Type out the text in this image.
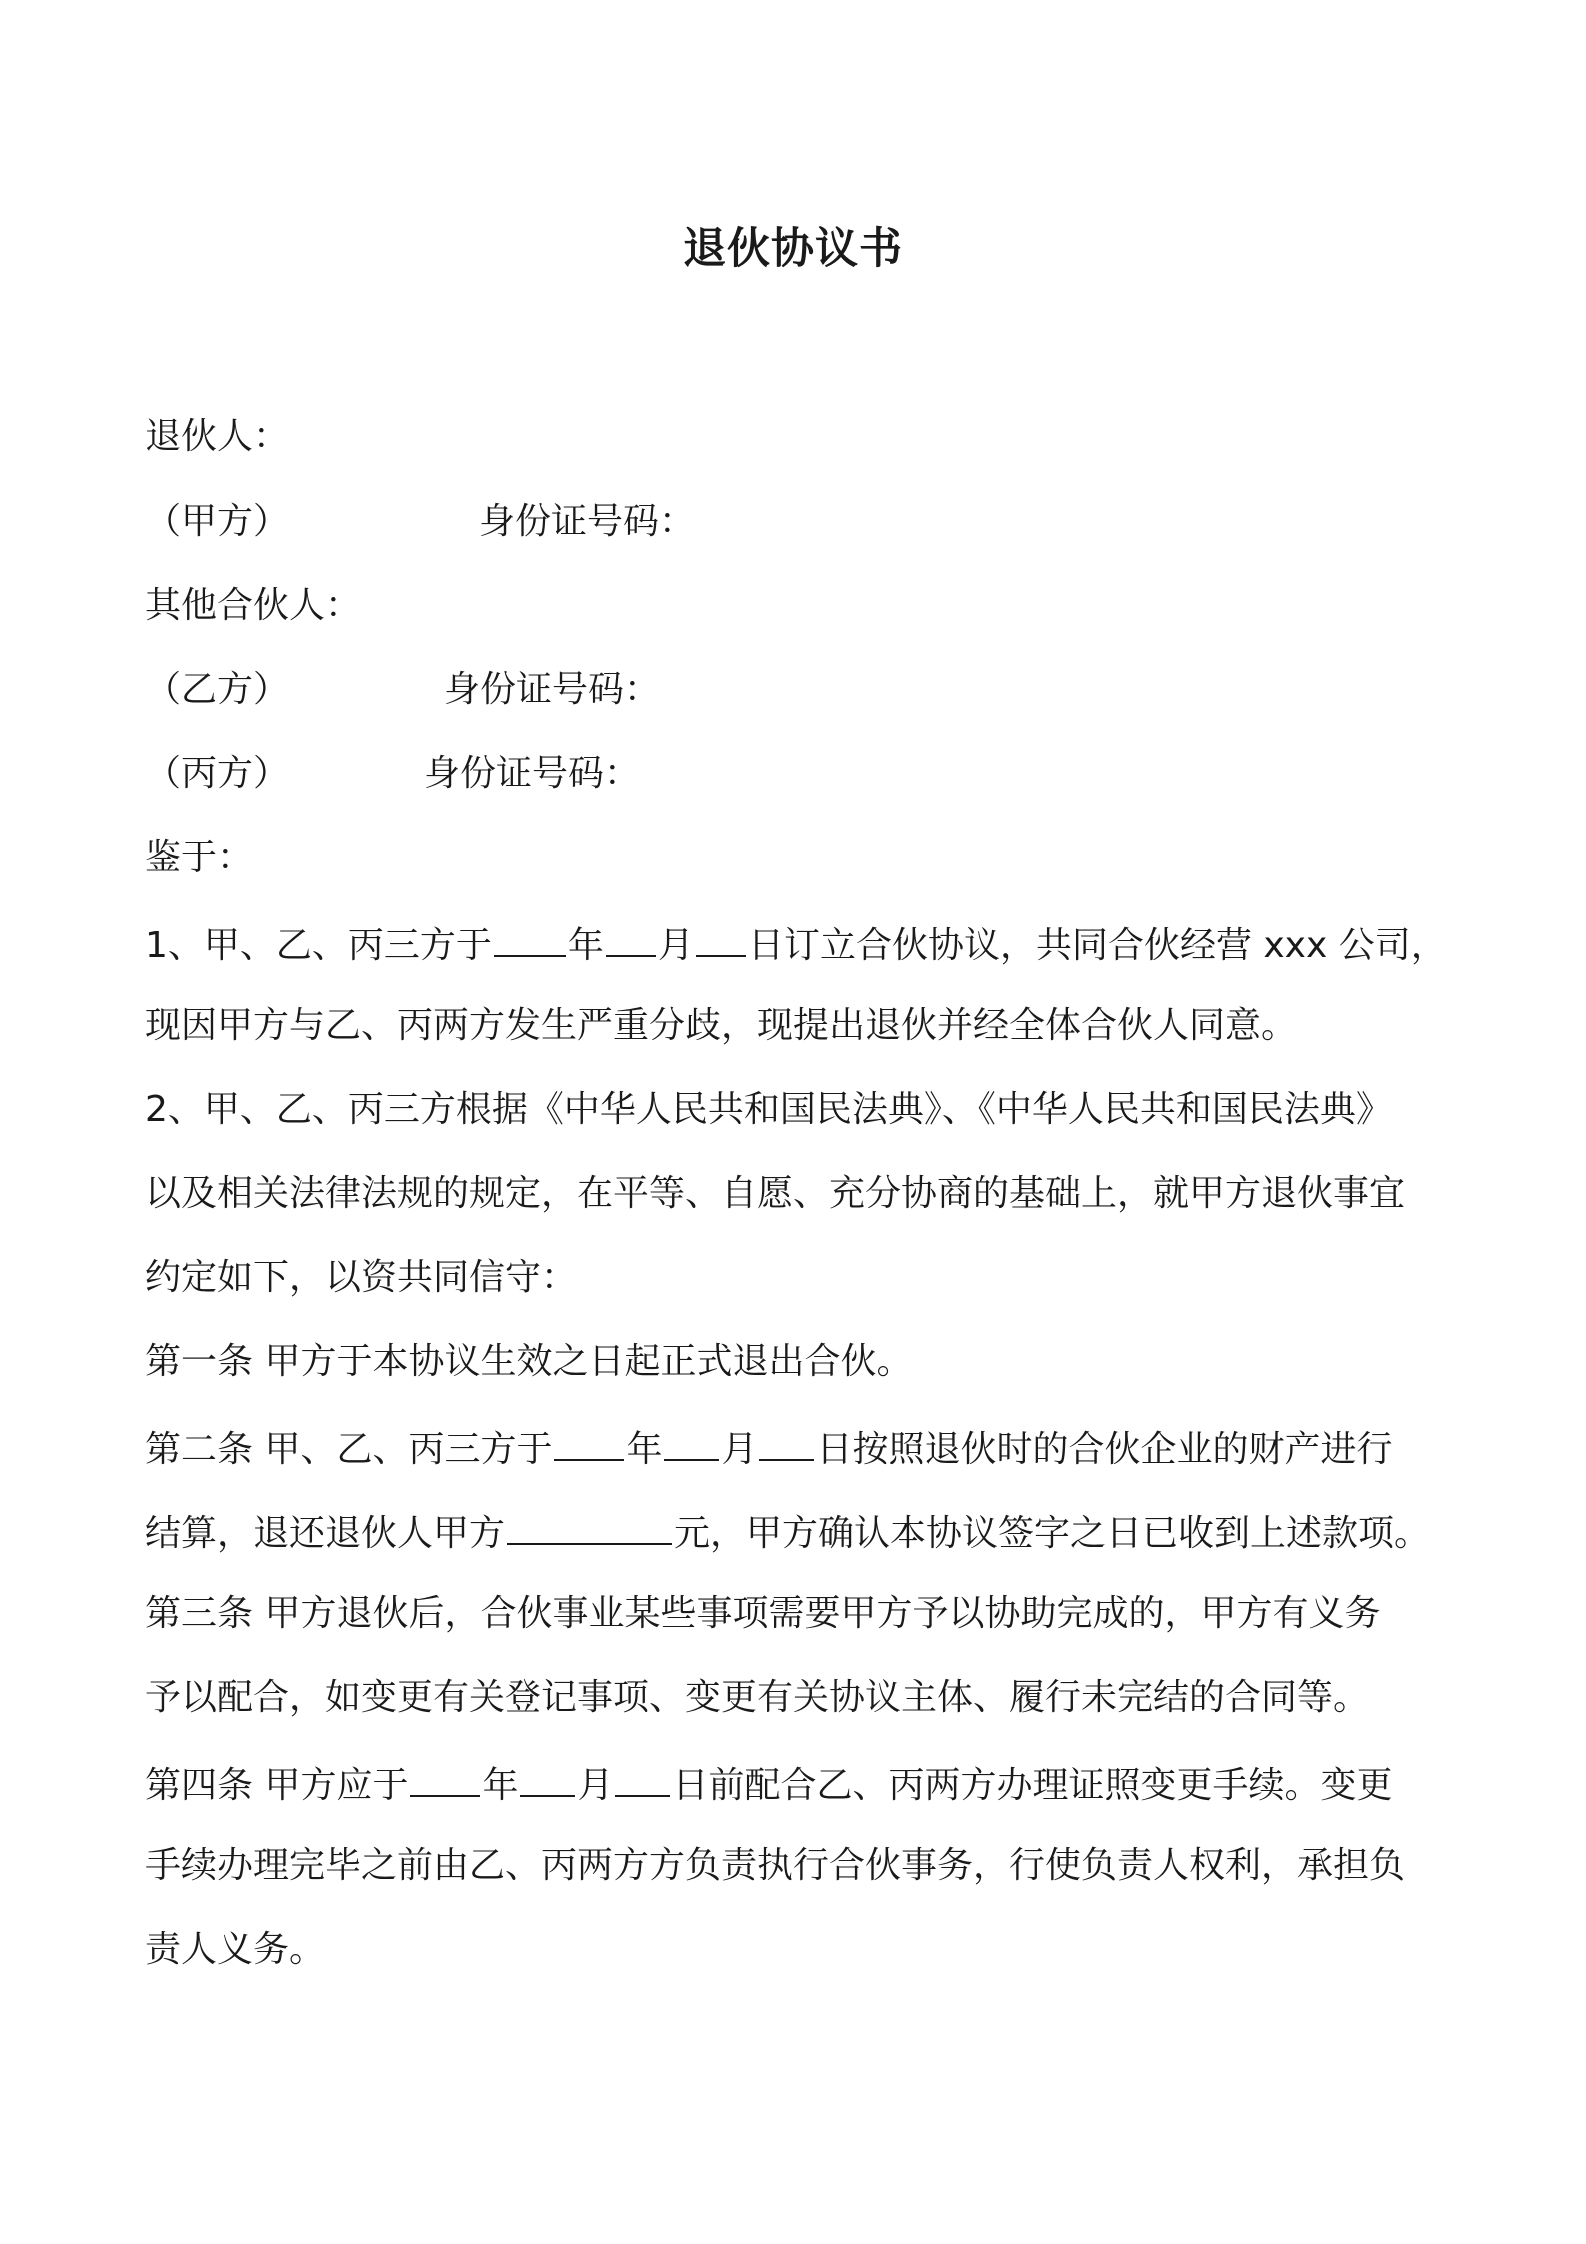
退伙协议书
退伙人：
（甲方）	身份证号码：
其他合伙人：
（乙方）	身份证号码：
（丙方）	身份证号码：
鉴于：
1、甲、乙、丙三方于 年 月 日订立合伙协议，共同合伙经营 xxx 公司，
现因甲方与乙、丙两方发生严重分歧，现提出退伙并经全体合伙人同意。
2、甲、乙、丙三方根据《中华人民共和国民法典》、《中华人民共和国民法典》
以及相关法律法规的规定，在平等、自愿、充分协商的基础上，就甲方退伙事宜
约定如下，以资共同信守：
第一条 甲方于本协议生效之日起正式退出合伙。
第二条 甲、乙、丙三方于 年 月 日按照退伙时的合伙企业的财产进行
结算，退还退伙人甲方	元，甲方确认本协议签字之日已收到上述款项。
第三条 甲方退伙后，合伙事业某些事项需要甲方予以协助完成的，甲方有义务
予以配合，如变更有关登记事项、变更有关协议主体、履行未完结的合同等。
第四条 甲方应于 年 月 日前配合乙、丙两方办理证照变更手续。变更
手续办理完毕之前由乙、丙两方方负责执行合伙事务，行使负责人权利，承担负
责人义务。
